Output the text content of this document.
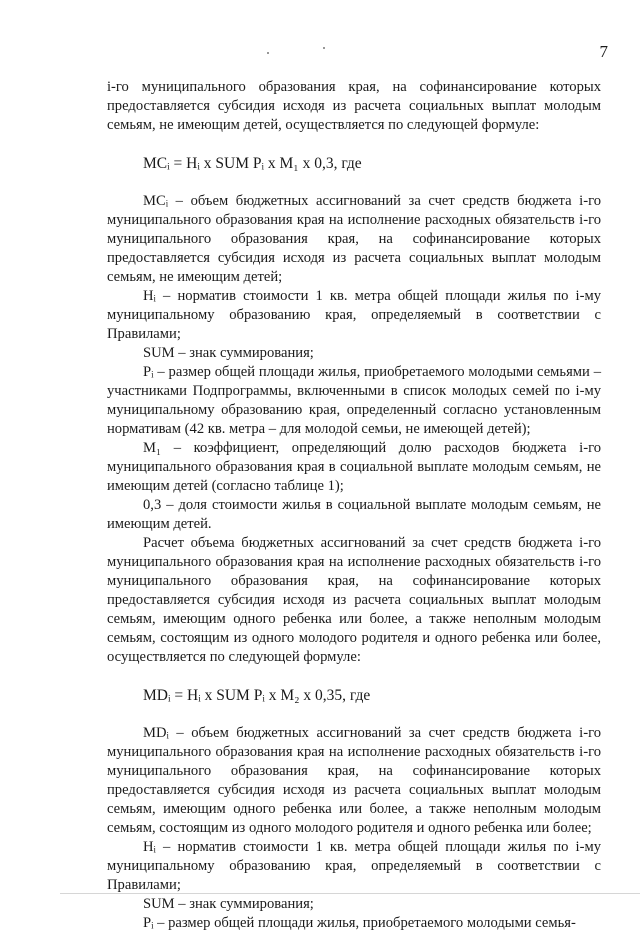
7

i-го муниципального образования края, на софинансирование которых предоставляется субсидия исходя из расчета социальных выплат молодым семьям, не имеющим детей, осуществляется по следующей формуле:

MCᵢ = Hᵢ x SUM Pᵢ x M₁ x 0,3, где

MCᵢ – объем бюджетных ассигнований за счет средств бюджета i-го муниципального образования края на исполнение расходных обязательств i-го муниципального образования края, на софинансирование которых предоставляется субсидия исходя из расчета социальных выплат молодым семьям, не имеющим детей;

Hᵢ – норматив стоимости 1 кв. метра общей площади жилья по i-му муниципальному образованию края, определяемый в соответствии с Правилами;

SUM – знак суммирования;

Pᵢ – размер общей площади жилья, приобретаемого молодыми семьями – участниками Подпрограммы, включенными в список молодых семей по i-му муниципальному образованию края, определенный согласно установленным нормативам (42 кв. метра – для молодой семьи, не имеющей детей);

M₁ – коэффициент, определяющий долю расходов бюджета i-го муниципального образования края в социальной выплате молодым семьям, не имеющим детей (согласно таблице 1);

0,3 – доля стоимости жилья в социальной выплате молодым семьям, не имеющим детей.

Расчет объема бюджетных ассигнований за счет средств бюджета i-го муниципального образования края на исполнение расходных обязательств i-го муниципального образования края, на софинансирование которых предоставляется субсидия исходя из расчета социальных выплат молодым семьям, имеющим одного ребенка или более, а также неполным молодым семьям, состоящим из одного молодого родителя и одного ребенка или более, осуществляется по следующей формуле:

MDᵢ = Hᵢ x SUM Pᵢ x M₂ x 0,35, где

MDᵢ – объем бюджетных ассигнований за счет средств бюджета i-го муниципального образования края на исполнение расходных обязательств i-го муниципального образования края, на софинансирование которых предоставляется субсидия исходя из расчета социальных выплат молодым семьям, имеющим одного ребенка или более, а также неполным молодым семьям, состоящим из одного молодого родителя и одного ребенка или более;

Hᵢ – норматив стоимости 1 кв. метра общей площади жилья по i-му муниципальному образованию края, определяемый в соответствии с Правилами;

SUM – знак суммирования;

Pᵢ – размер общей площади жилья, приобретаемого молодыми семья-
